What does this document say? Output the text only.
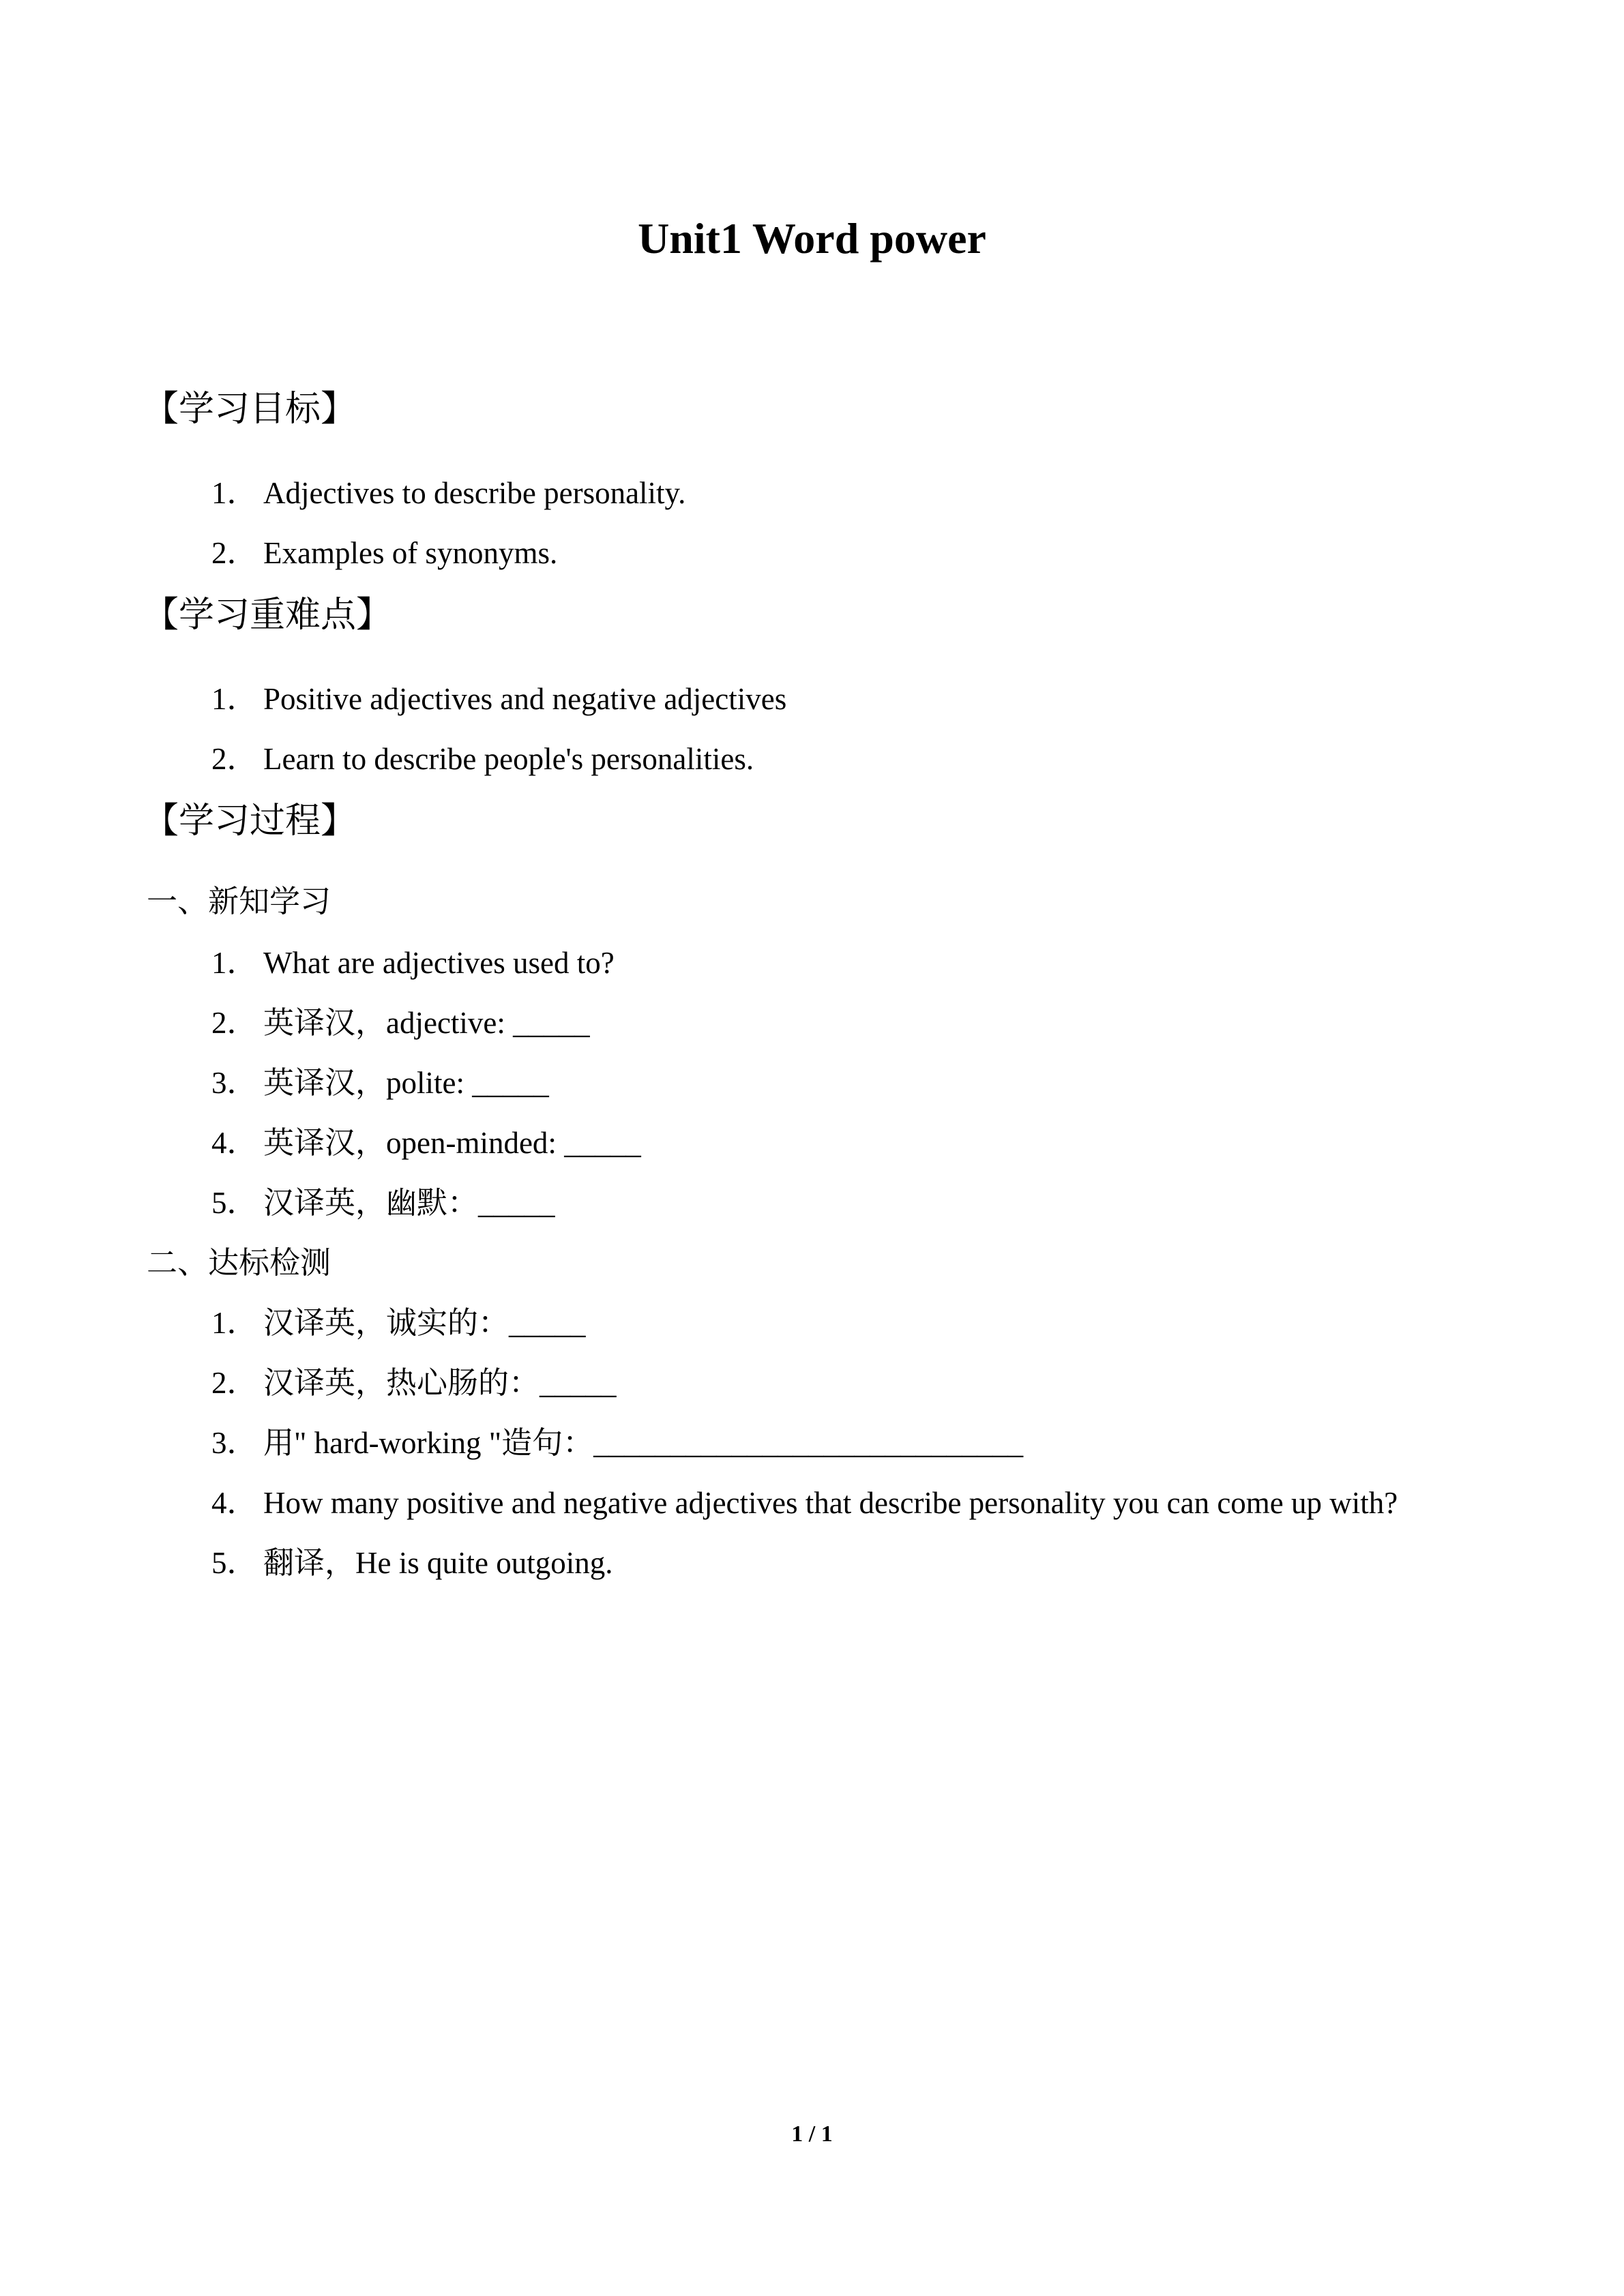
Unit1 Word power
【学习目标】
1． Adjectives to describe personality.
2． Examples of synonyms.
【学习重难点】
1． Positive adjectives and negative adjectives
2． Learn to describe people's personalities.
【学习过程】
一、新知学习
1． What are adjectives used to?
2． 英译汉，adjective: _____
3． 英译汉，polite: _____
4． 英译汉，open-minded: _____
5． 汉译英，幽默：_____
二、达标检测
1． 汉译英，诚实的：_____
2． 汉译英，热心肠的：_____
3． 用" hard-working "造句：____________________________
4． How many positive and negative adjectives that describe personality you can come up with?
5． 翻译，He is quite outgoing.
1 / 1
